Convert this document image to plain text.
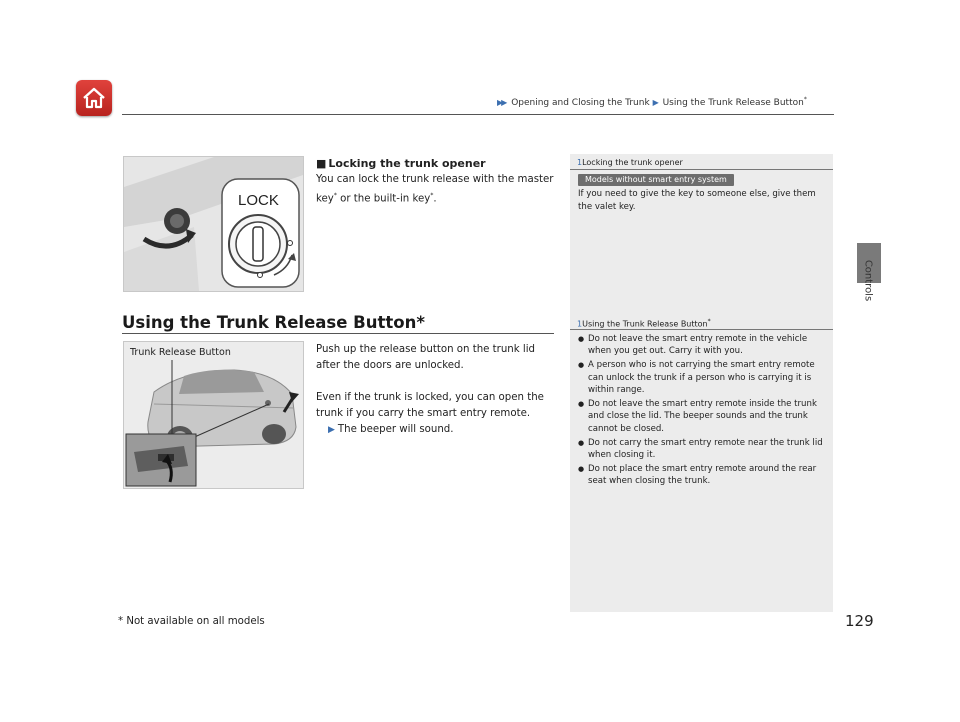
▶▶ Opening and Closing the Trunk ▶ Using the Trunk Release Button*
Controls
LOCK
■ Locking the trunk opener
You can lock the trunk release with the master key* or the built-in key*.
Using the Trunk Release Button*
Trunk Release Button	Push up the release button on the trunk lid after the doors are unlocked.

Even if the trunk is locked, you can open the trunk if you carry the smart entry remote.

▶ The beeper will sound.

1Locking the trunk opener
Models without smart entry system
If you need to give the key to someone else, give them the valet key.
1Using the Trunk Release Button*
● Do not leave the smart entry remote in the vehicle when you get out. Carry it with you.
● A person who is not carrying the smart entry remote can unlock the trunk if a person who is carrying it is within range.
● Do not leave the smart entry remote inside the trunk and close the lid. The beeper sounds and the trunk cannot be closed.
● Do not carry the smart entry remote near the trunk lid when closing it.
● Do not place the smart entry remote around the rear seat when closing the trunk.
* Not available on all models	129
